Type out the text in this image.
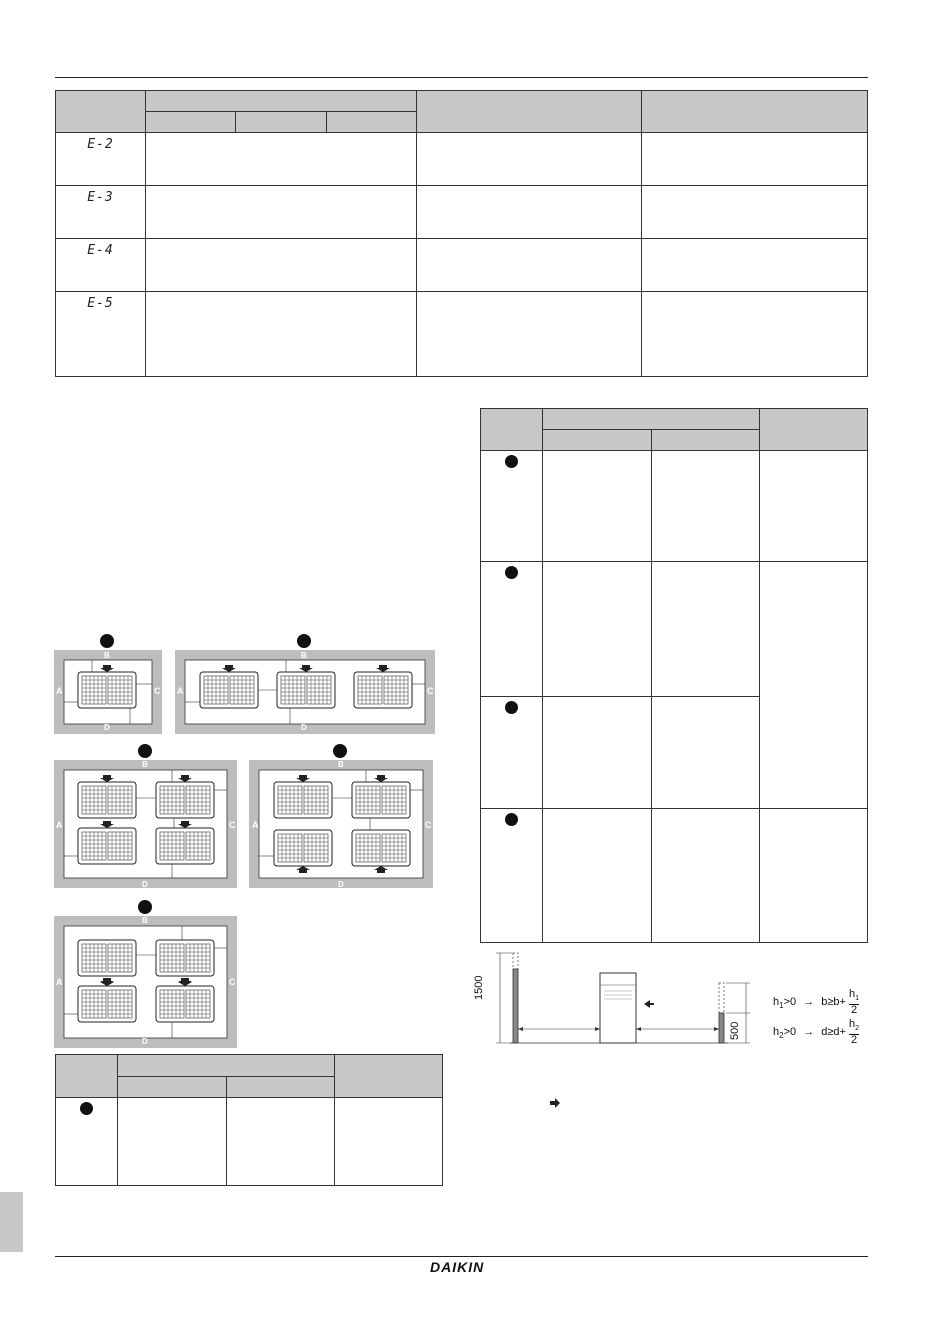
E-2					
E-3					
E-4					
E-5					

B
A	C
D
B
A	C
D
B
A	C
D
B
A	C
D
B
A	C
D
1500
500
$h_1>0 \to b\ge b+ \frac{h_1}{2}$
$h_2>0 \to d\ge d+ \frac{h_2}{2}$
DAIKIN
